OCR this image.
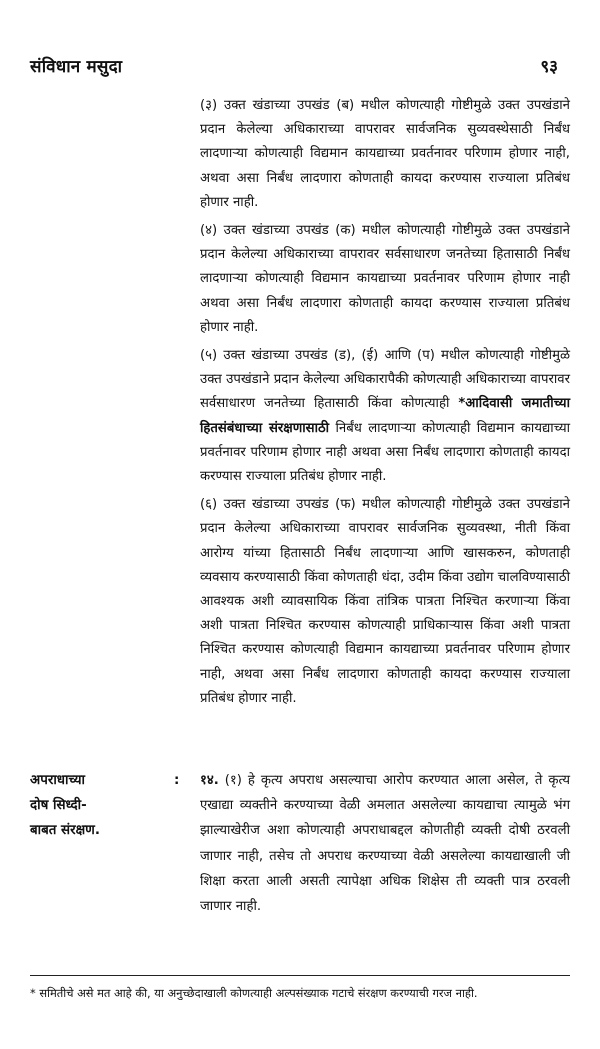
संविधान मसुदा	९३

(३) उक्त खंडाच्या उपखंड (ब) मधील कोणत्याही गोष्टीमुळे उक्त उपखंडाने प्रदान केलेल्या अधिकाराच्या वापरावर सार्वजनिक सुव्यवस्थेसाठी निर्बंध लादणाऱ्या कोणत्याही विद्यमान कायद्याच्या प्रवर्तनावर परिणाम होणार नाही, अथवा असा निर्बंध लादणारा कोणताही कायदा करण्यास राज्याला प्रतिबंध होणार नाही.

(४) उक्त खंडाच्या उपखंड (क) मधील कोणत्याही गोष्टीमुळे उक्त उपखंडाने प्रदान केलेल्या अधिकाराच्या वापरावर सर्वसाधारण जनतेच्या हितासाठी निर्बंध लादणाऱ्या कोणत्याही विद्यमान कायद्याच्या प्रवर्तनावर परिणाम होणार नाही अथवा असा निर्बंध लादणारा कोणताही कायदा करण्यास राज्याला प्रतिबंध होणार नाही.

(५) उक्त खंडाच्या उपखंड (ड), (ई) आणि (प) मधील कोणत्याही गोष्टीमुळे उक्त उपखंडाने प्रदान केलेल्या अधिकारापैकी कोणत्याही अधिकाराच्या वापरावर सर्वसाधारण जनतेच्या हितासाठी किंवा कोणत्याही *आदिवासी जमातीच्या हितसंबंधाच्या संरक्षणासाठी निर्बंध लादणाऱ्या कोणत्याही विद्यमान कायद्याच्या प्रवर्तनावर परिणाम होणार नाही अथवा असा निर्बंध लादणारा कोणताही कायदा करण्यास राज्याला प्रतिबंध होणार नाही.

(६) उक्त खंडाच्या उपखंड (फ) मधील कोणत्याही गोष्टीमुळे उक्त उपखंडाने प्रदान केलेल्या अधिकाराच्या वापरावर सार्वजनिक सुव्यवस्था, नीती किंवा आरोग्य यांच्या हितासाठी निर्बंध लादणाऱ्या आणि खासकरुन, कोणताही व्यवसाय करण्यासाठी किंवा कोणताही धंदा, उदीम किंवा उद्योग चालविण्यासाठी आवश्यक अशी व्यावसायिक किंवा तांत्रिक पात्रता निश्चित करणाऱ्या किंवा अशी पात्रता निश्चित करण्यास कोणत्याही प्राधिकाऱ्यास किंवा अशी पात्रता निश्चित करण्यास कोणत्याही विद्यमान कायद्याच्या प्रवर्तनावर परिणाम होणार नाही, अथवा असा निर्बंध लादणारा कोणताही कायदा करण्यास राज्याला प्रतिबंध होणार नाही.

अपराधाच्या
दोष सिध्दी-
बाबत संरक्षण.
: १४. (१) हे कृत्य अपराध असल्याचा आरोप करण्यात आला असेल, ते कृत्य एखाद्या व्यक्तीने करण्याच्या वेळी अमलात असलेल्या कायद्याचा त्यामुळे भंग झाल्याखेरीज अशा कोणत्याही अपराधाबद्दल कोणतीही व्यक्ती दोषी ठरवली जाणार नाही, तसेच तो अपराध करण्याच्या वेळी असलेल्या कायद्याखाली जी शिक्षा करता आली असती त्यापेक्षा अधिक शिक्षेस ती व्यक्ती पात्र ठरवली जाणार नाही.
* समितीचे असे मत आहे की, या अनुच्छेदाखाली कोणत्याही अल्पसंख्याक गटाचे संरक्षण करण्याची गरज नाही.
